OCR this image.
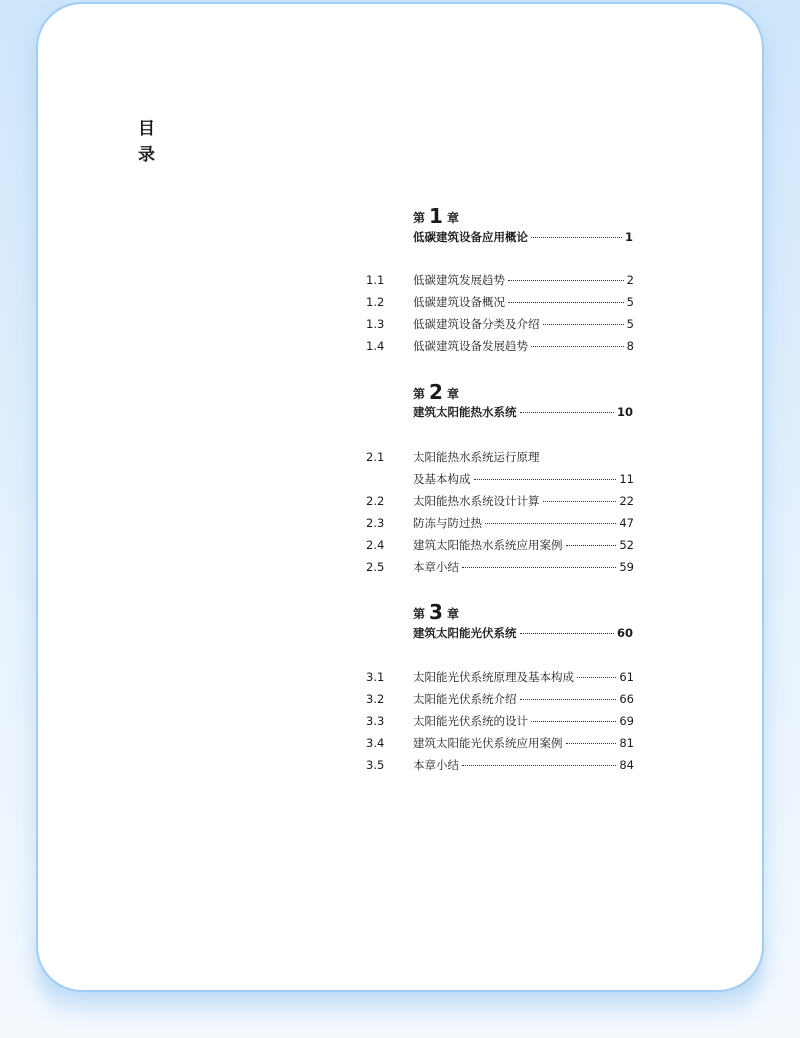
目录
第 1 章
低碳建筑设备应用概论	1
1.1	低碳建筑发展趋势	2
1.2	低碳建筑设备概况	5
1.3	低碳建筑设备分类及介绍	5
1.4	低碳建筑设备发展趋势	8
第 2 章
建筑太阳能热水系统	10
2.1	太阳能热水系统运行原理
及基本构成	11
2.2	太阳能热水系统设计计算	22
2.3	防冻与防过热	47
2.4	建筑太阳能热水系统应用案例	52
2.5	本章小结	59
第 3 章
建筑太阳能光伏系统	60
3.1	太阳能光伏系统原理及基本构成	61
3.2	太阳能光伏系统介绍	66
3.3	太阳能光伏系统的设计	69
3.4	建筑太阳能光伏系统应用案例	81
3.5	本章小结	84
